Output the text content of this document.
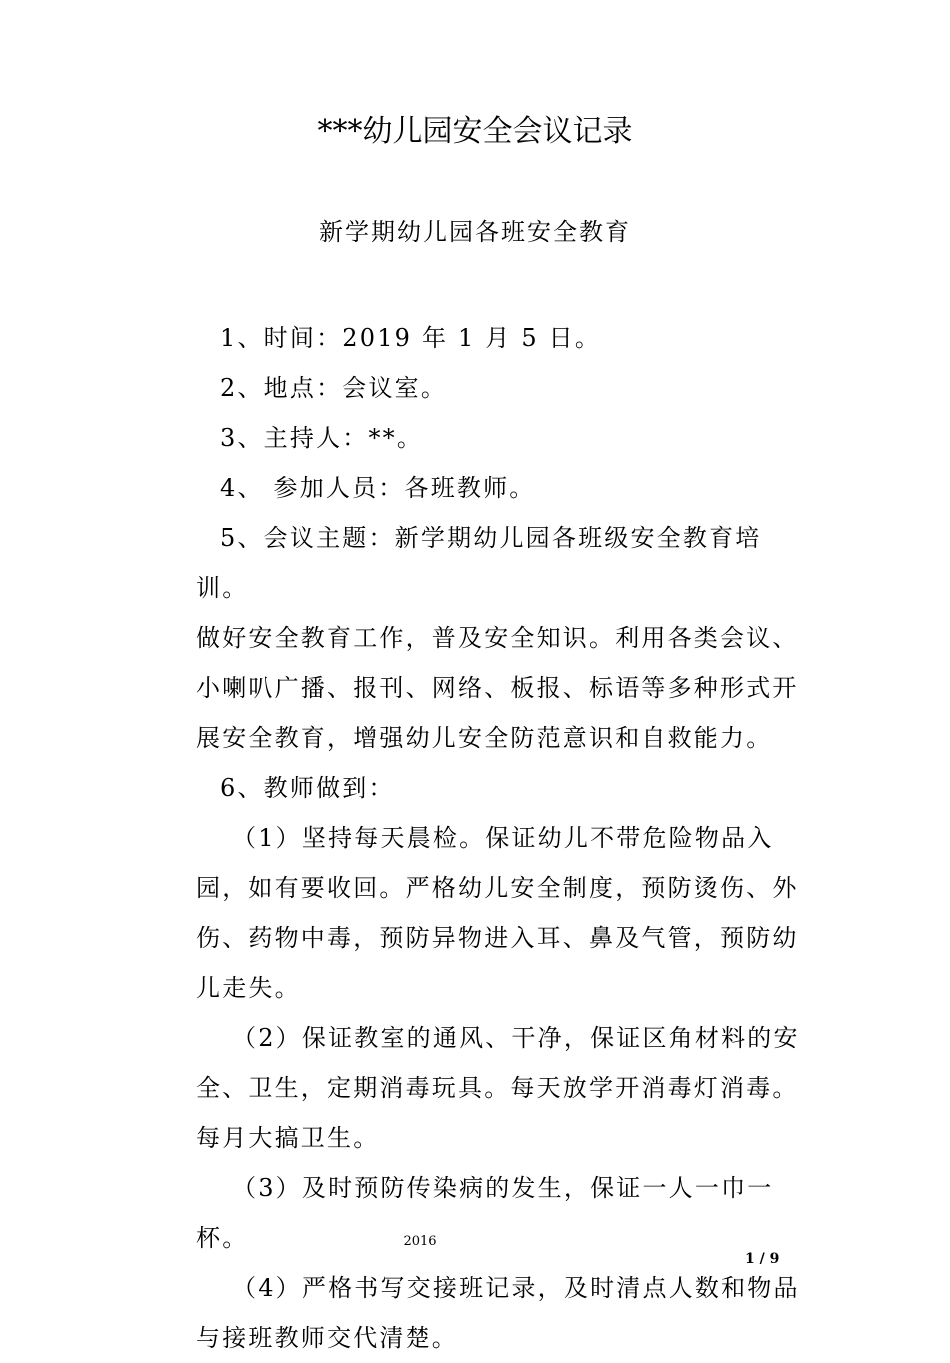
***幼儿园安全会议记录
新学期幼儿园各班安全教育

1、时间：2019 年 1 月 5 日。

2、地点：会议室。

3、主持人：**。

4、 参加人员：各班教师。

5、会议主题：新学期幼儿园各班级安全教育培训。

做好安全教育工作，普及安全知识。利用各类会议、小喇叭广播、报刊、网络、板报、标语等多种形式开展安全教育，增强幼儿安全防范意识和自救能力。

6、教师做到：

（1）坚持每天晨检。保证幼儿不带危险物品入园，如有要收回。严格幼儿安全制度，预防烫伤、外伤、药物中毒，预防异物进入耳、鼻及气管，预防幼儿走失。

（2）保证教室的通风、干净，保证区角材料的安全、卫生，定期消毒玩具。每天放学开消毒灯消毒。每月大搞卫生。

（3）及时预防传染病的发生，保证一人一巾一杯。

（4）严格书写交接班记录，及时清点人数和物品与接班教师交代清楚。

2016
1 / 9
